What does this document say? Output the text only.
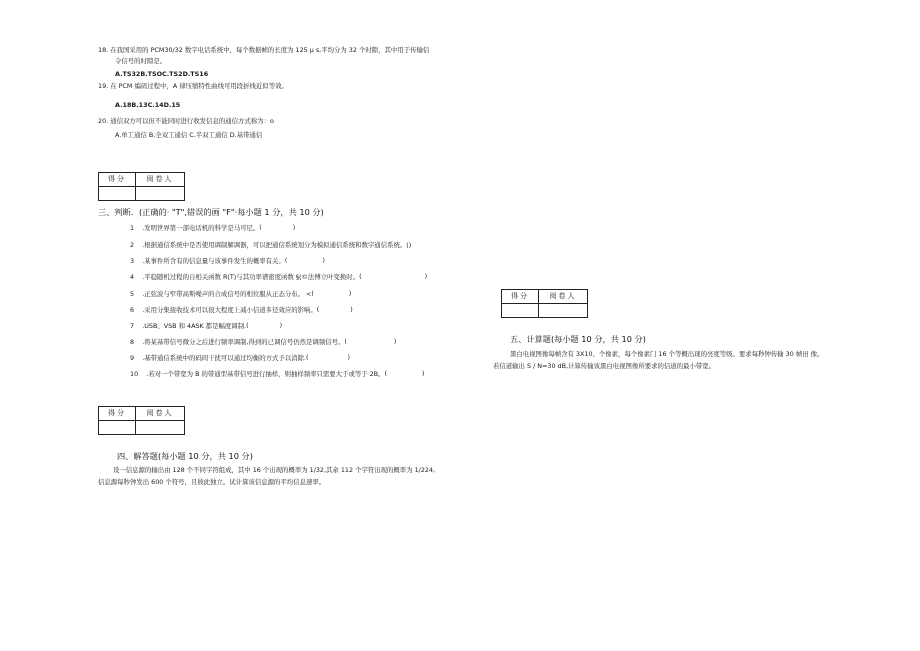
18. 在我国采用的 PCM30/32 数字电话系统中，每个数据帧的长度为 125 µ s,平均分为 32 个时隙，其中用于传输信
令信号的时隙是。
A.TS32B.TSOC.TS2D.TS16
19. 在 PCM 编码过程中，A 律压缩特性曲线可用段折线近似等效。
A.18B.13C.14D.15
20. 通信双方可以但不能同时进行收发信息的通信方式称为：o
A.单工通信 B.全双工通信 C.半双工通信 D.基带通信
得分	阅卷人

三、判断．(正确的· "T",错误的画 "F"·每小题 1 分，共 10 分)
1 .发明世界第一部电话机的科学是马可尼。( )
2 .根据通信系统中是否使用调制解调器，可以把通信系统划分为模拟通信系统和数字通信系统。()
3 .某事件所含有的信息量与该事件发生的概率有关。( )
4 .平稳随机过程的自相关函数 R(T)与其功率谱密度函数 §(©法傅立叶变换时。( )
5 .正弦波与窄带高斯噪声的合成信号的相位服从正态分布。 <( )
6 .采用分集接收技术可以很大程度上减小信道多径效应的影响。( )
7 .USB、VSB 和 4ASK 都是幅度调制.( )
8 .将某基带信号微分之后进行频率调制,得到的已调信号仍然是调频信号。( )
9 .基带通信系统中的码间干扰可以通过均衡的方式予以消除.( )
10 .若对一个带宽为 B 的带通型基带信号进行抽样，则抽样频率只需要大于或等于 2B。( )
得分	阅卷人

四、解答题(每小题 10 分，共 10 分)
设一信息源的输出由 128 个不同字符组成，其中 16 个出现的概率为 1/32,其余 112 个字符出现的概率为 1/224,
信息源每秒钟发出 600 个符号，且彼此独立。试计算该信息源的平均信息速率。
得分	阅卷人

五、计算题(每小题 10 分，共 10 分)
黑白电视图像每帧含有 3X10、个像素，每个像素门 16 个等概出现的亮度等级。要求每秒钟传输 30 帧田 像。
若信道输出 S / N=30 dB,计算传输该黑白电视图像所要求的信道的最小带宽。
